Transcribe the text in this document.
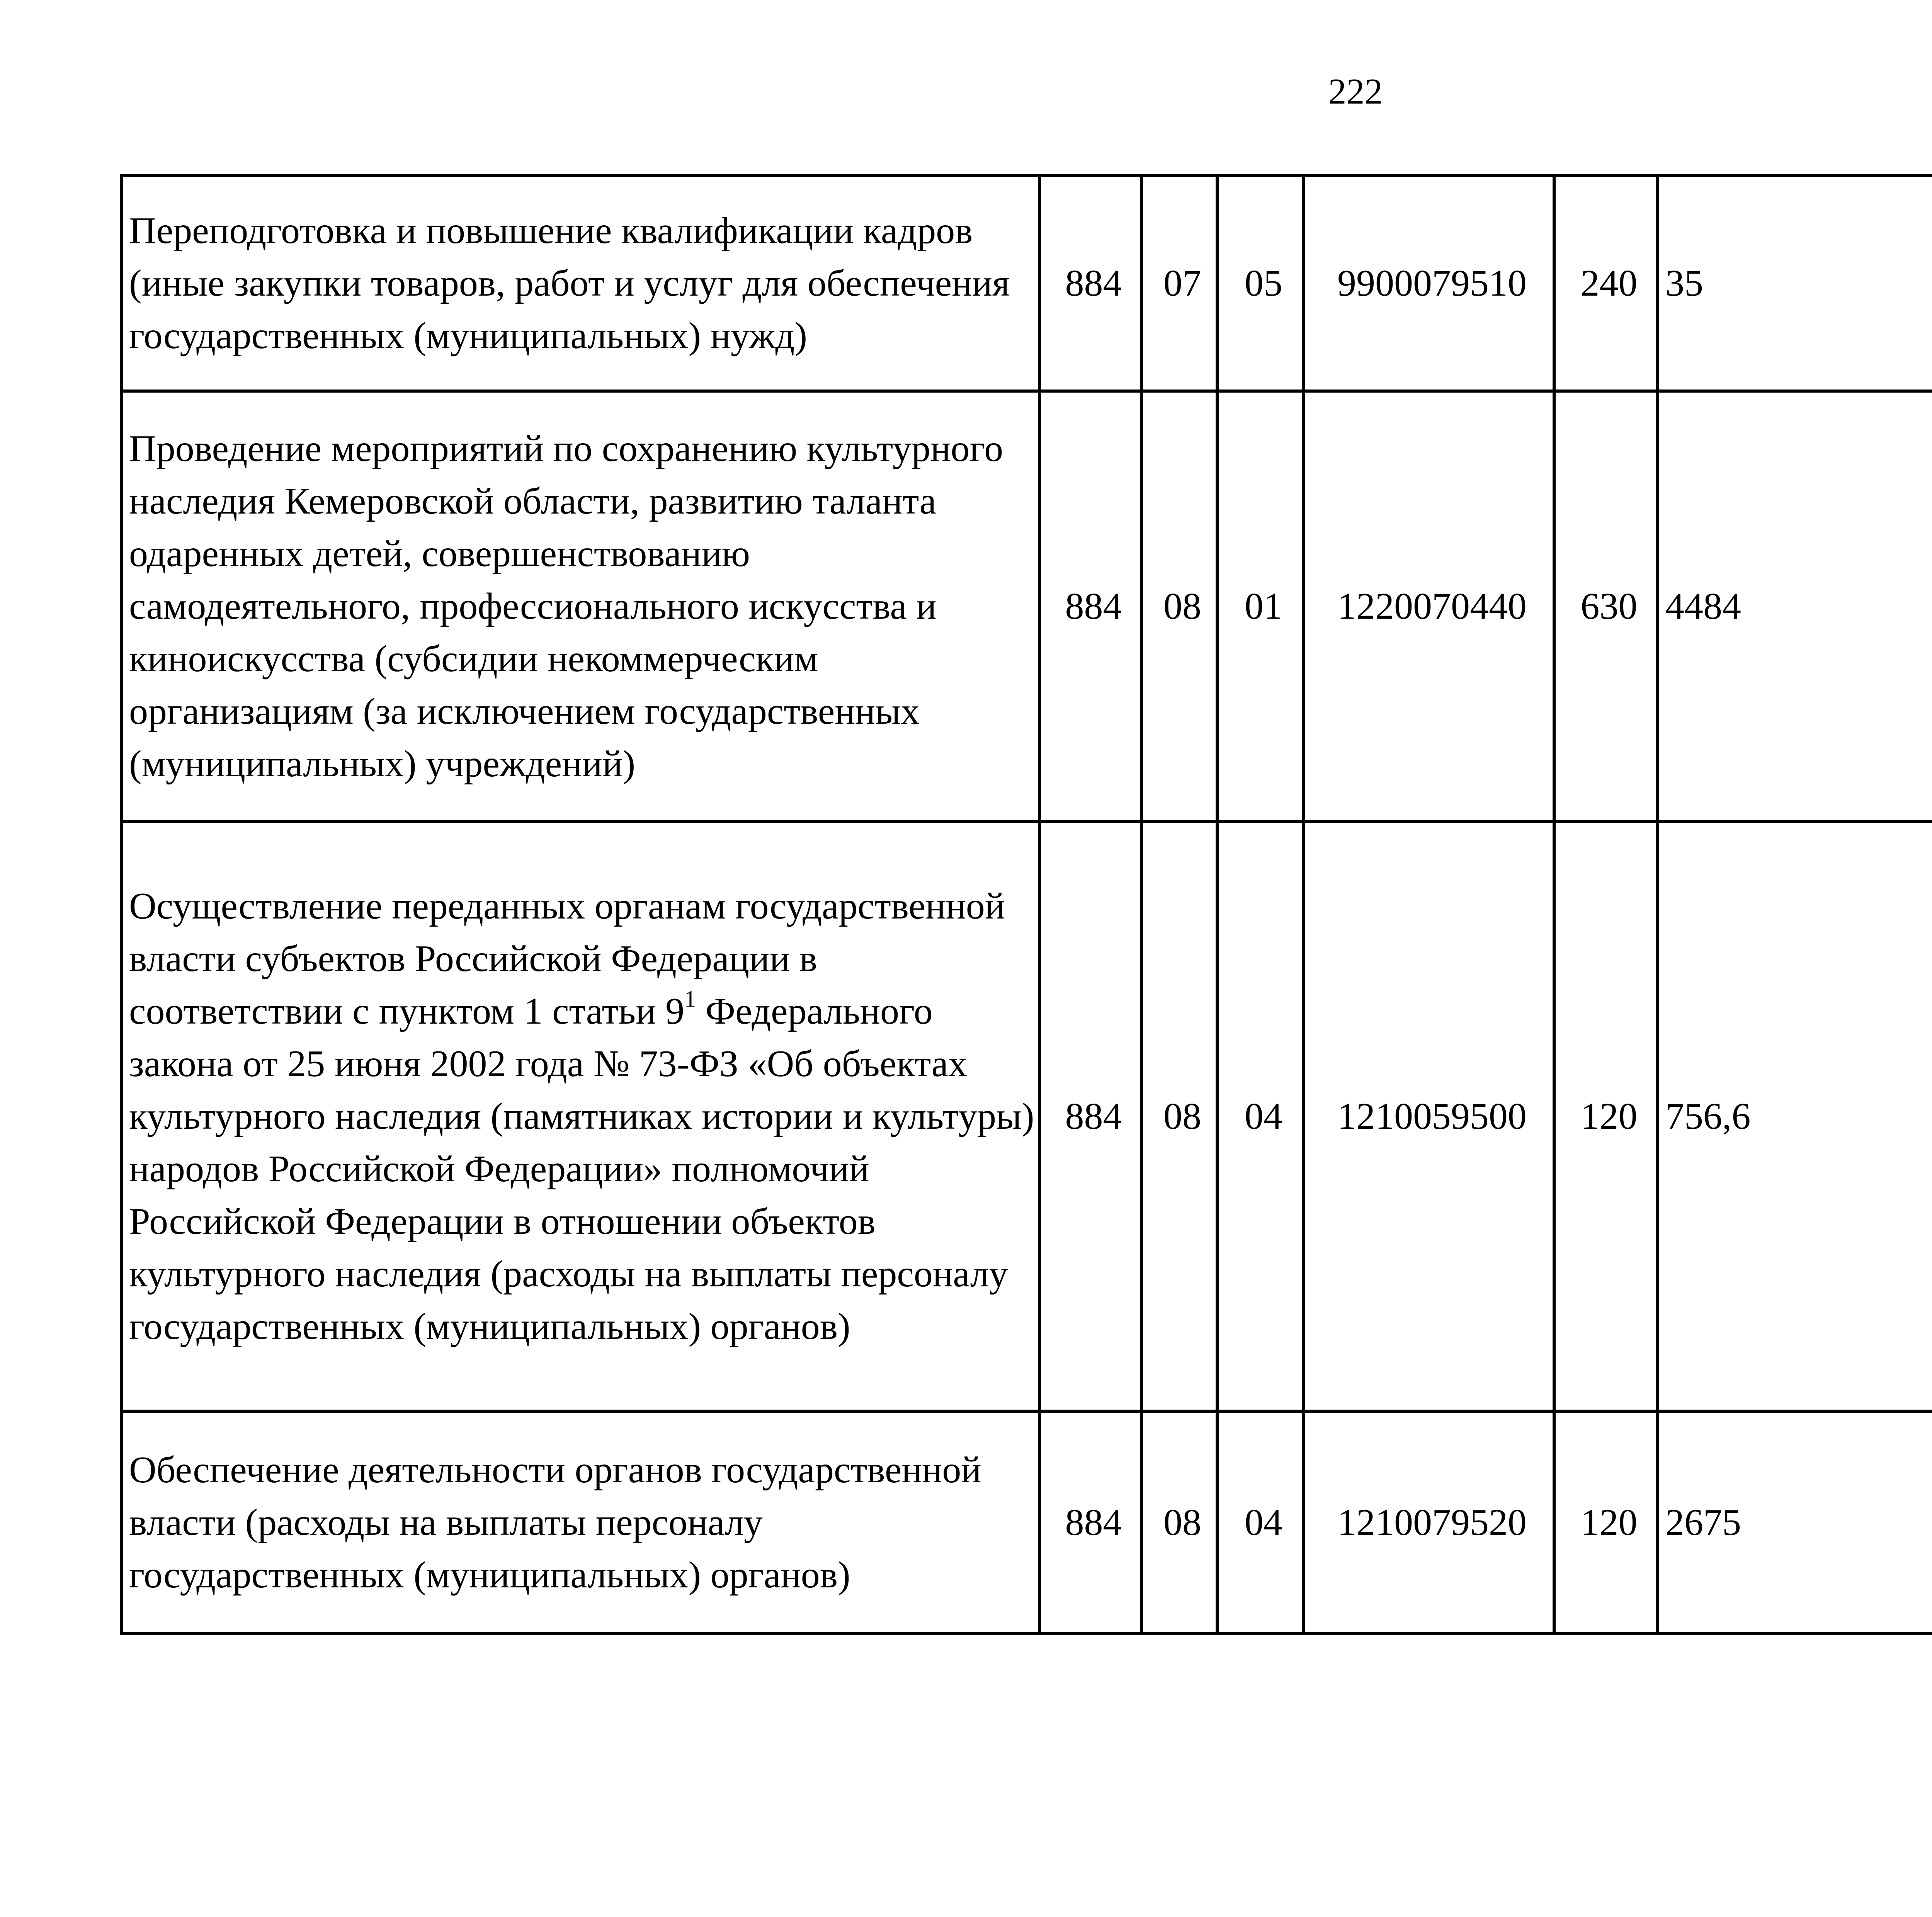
222
Переподготовка и повышение квалификации кадров (иные закупки товаров, работ и услуг для обеспечения государственных (муниципальных) нужд)	884	07	05	9900079510	240	35		
Проведение мероприятий по сохранению культурного наследия Кемеровской области, развитию таланта одаренных детей, совершенствованию самодеятельного, профессионального искусства и киноискусства (субсидии некоммерческим организациям (за исключением государственных (муниципальных) учреждений)	884	08	01	1220070440	630	4484		
Осуществление переданных органам государственной власти субъектов Российской Федерации в соответствии с пунктом 1 статьи 9$^1$ Федерального закона от 25 июня 2002 года № 73-ФЗ «Об объектах культурного наследия (памятниках истории и культуры) народов Российской Федерации» полномочий Российской Федерации в отношении объектов культурного наследия (расходы на выплаты персоналу государственных (муниципальных) органов)	884	08	04	1210059500	120	756,6		
Обеспечение деятельности органов государственной власти (расходы на выплаты персоналу государственных (муниципальных) органов)	884	08	04	1210079520	120	2675		
